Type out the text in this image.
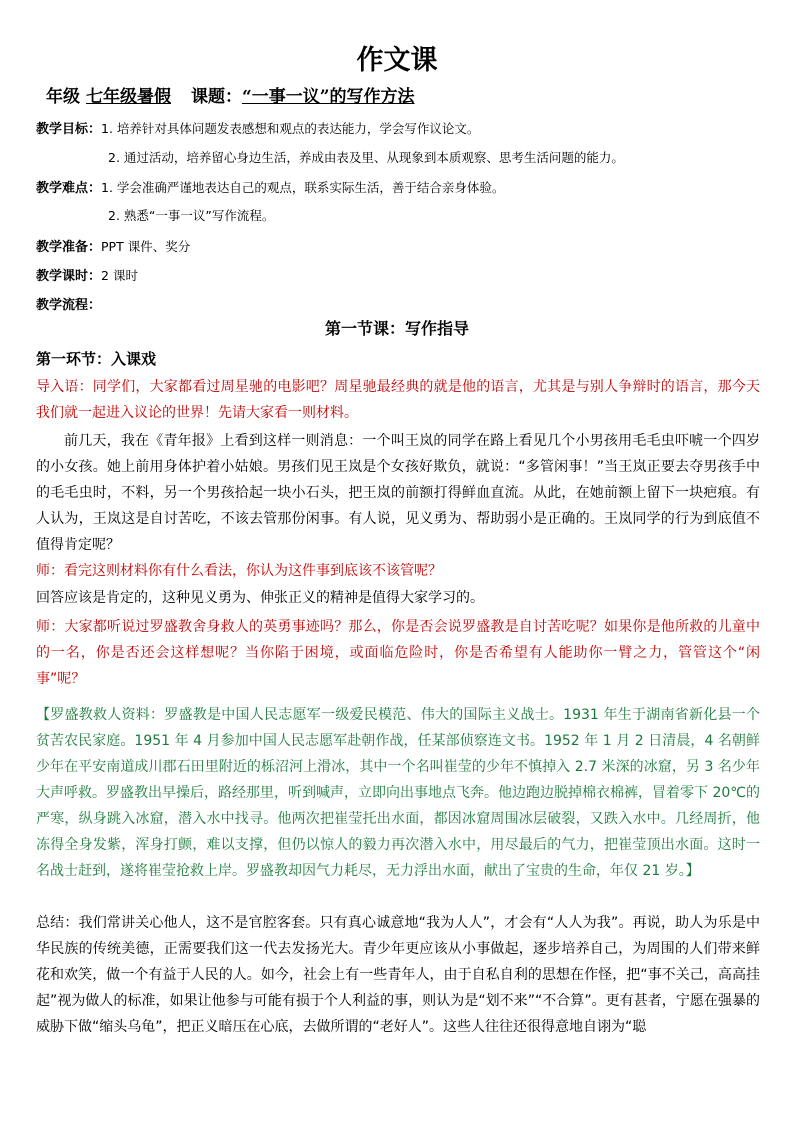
作文课
年级 七年级暑假 课题：“一事一议”的写作方法
教学目标：1. 培养针对具体问题发表感想和观点的表达能力，学会写作议论文。
2. 通过活动，培养留心身边生活，养成由表及里、从现象到本质观察、思考生活问题的能力。
教学难点：1. 学会准确严谨地表达自己的观点，联系实际生活，善于结合亲身体验。
2. 熟悉“一事一议”写作流程。
教学准备：PPT 课件、奖分
教学课时：2 课时
教学流程：
第一节课：写作指导
第一环节：入课戏

导入语：同学们，大家都看过周星驰的电影吧？周星驰最经典的就是他的语言，尤其是与别人争辩时的语言，那今天我们就一起进入议论的世界！先请大家看一则材料。

前几天，我在《青年报》上看到这样一则消息：一个叫王岚的同学在路上看见几个小男孩用毛毛虫吓唬一个四岁的小女孩。她上前用身体护着小姑娘。男孩们见王岚是个女孩好欺负，就说：“多管闲事！”当王岚正要去夺男孩手中的毛毛虫时，不料，另一个男孩拾起一块小石头，把王岚的前额打得鲜血直流。从此，在她前额上留下一块疤痕。有人认为，王岚这是自讨苦吃，不该去管那份闲事。有人说，见义勇为、帮助弱小是正确的。王岚同学的行为到底值不值得肯定呢？

师：看完这则材料你有什么看法，你认为这件事到底该不该管呢？

回答应该是肯定的，这种见义勇为、伸张正义的精神是值得大家学习的。

师：大家都听说过罗盛教舍身救人的英勇事迹吗？那么，你是否会说罗盛教是自讨苦吃呢？如果你是他所救的儿童中的一名，你是否还会这样想呢？当你陷于困境，或面临危险时，你是否希望有人能助你一臂之力，管管这个“闲事”呢？

【罗盛教救人资料：罗盛教是中国人民志愿军一级爱民模范、伟大的国际主义战士。1931 年生于湖南省新化县一个贫苦农民家庭。1951 年 4 月参加中国人民志愿军赴朝作战，任某部侦察连文书。1952 年 1 月 2 日清晨，4 名朝鲜少年在平安南道成川郡石田里附近的栎沼河上滑冰，其中一个名叫崔莹的少年不慎掉入 2.7 米深的冰窟，另 3 名少年大声呼救。罗盛教出早操后，路经那里，听到喊声，立即向出事地点飞奔。他边跑边脱掉棉衣棉裤，冒着零下 20℃的严寒，纵身跳入冰窟，潜入水中找寻。他两次把崔莹托出水面，都因冰窟周围冰层破裂，又跌入水中。几经周折，他冻得全身发紫，浑身打颤，难以支撑，但仍以惊人的毅力再次潜入水中，用尽最后的气力，把崔莹顶出水面。这时一名战士赶到，遂将崔莹抢救上岸。罗盛教却因气力耗尽，无力浮出水面，献出了宝贵的生命，年仅 21 岁。】

总结：我们常讲关心他人，这不是官腔客套。只有真心诚意地“我为人人”，才会有“人人为我”。再说，助人为乐是中华民族的传统美德，正需要我们这一代去发扬光大。青少年更应该从小事做起，逐步培养自己，为周围的人们带来鲜花和欢笑，做一个有益于人民的人。如今，社会上有一些青年人，由于自私自利的思想在作怪，把“事不关己，高高挂起”视为做人的标准，如果让他参与可能有损于个人利益的事，则认为是“划不来”“不合算”。更有甚者，宁愿在强暴的威胁下做“缩头乌龟”，把正义暗压在心底，去做所谓的“老好人”。这些人往往还很得意地自诩为“聪
